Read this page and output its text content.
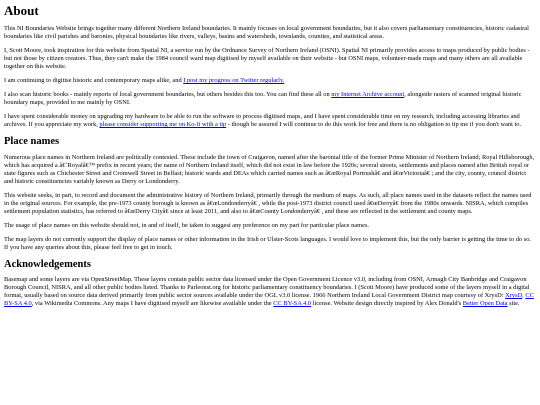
About

This NI Boundaries Website brings together many different Northern Ireland boundaries. It mainly focuses on local government boundaries, but it also covers parliamentary constituencies, historic cadastral boundaries like civil parishes and baronies, physical boundaries like rivers, valleys, basins and watersheds, townlands, counties, and statistical areas.

I, Scott Moore, took inspiration for this website from Spatial NI, a service run by the Ordnance Survey of Northern Ireland (OSNI). Spatial NI primarily provides access to maps produced by public bodies - but not those by citizen creators. Thus, they can't make the 1984 council ward map digitised by myself available on their website - but OSNI maps, volunteer-made maps and many others are all available together on this website.

I am continuing to digitise historic and contemporary maps alike, and I post my progress on Twitter regularly.

I also scan historic books - mainly reports of local government boundaries, but others besides this too. You can find these all on my Internet Archive account, alongside rasters of scanned original historic boundary maps, provided to me mainly by OSNI.

I have spent considerable money on upgrading my hardware to be able to run the software to process digitised maps, and I have spent considerable time on my research, including accessing libraries and archives. If you appreciate my work, please consider supporting me on Ko-fi with a tip - though be assured I will continue to do this work for free and there is no obligation to tip me if you don't want to.

Place names

Numerous place names in Northern Ireland are politically contested. These include the town of Craigavon, named after the baronial title of the former Prime Minister of Northern Ireland; Royal Hillsborough, which has acquired a â€˜Royalâ€™ prefix in recent years; the name of Northern Ireland itself, which did not exist in law before the 1920s; several streets, settlements and places named after British royal or state figures such as Chichester Street and Cromwell Street in Belfast; historic wards and DEAs which carried names such as â€œRoyal Portrushâ€ and â€œVictoriaâ€ ; and the city, county, council district and historic constituencies variably known as Derry or Londonderry.

This website seeks, in part, to record and document the administrative history of Northern Ireland, primarily through the medium of maps. As such, all place names used in the datasets reflect the names used in the original sources. For example, the pre-1973 county borough is known as â€œLondonderryâ€ , while the post-1973 district council used â€œDerryâ€ from the 1980s onwards. NISRA, which compiles settlement population statistics, has referred to â€œDerry Cityâ€ since at least 2011, and also to â€œCounty Londonderryâ€ , and these are reflected in the settlement and county maps.

The usage of place names on this website should not, in and of itself, be taken to suggest any preference on my part for particular place names.

The map layers do not currently support the display of place names or other information in the Irish or Ulster-Scots languages. I would love to implement this, but the only barrier is getting the time to do so. If you have any queries about this, please feel free to get in touch.

Acknowledgements

Basemap and some layers are via OpenStreetMap. These layers contain public sector data licensed under the Open Government Licence v3.0, including from OSNI, Armagh City Banbridge and Craigavon Borough Council, NISRA, and all other public bodies listed. Thanks to Parleonst.org for historic parliamentary constituency boundaries. I (Scott Moore) have produced some of the layers myself in a digital format, usually based on source data derived primarily from public sector sources available under the OGL v3.0 license. 1966 Northern Ireland Local Government District map courtesy of XrysD: XrysD, CC BY-SA 4.0, via Wikimedia Commons. Any maps I have digitised myself are likewise available under the CC BY-SA 4.0 license. Website design directly inspired by Alex Donald's Better Open Data site.
